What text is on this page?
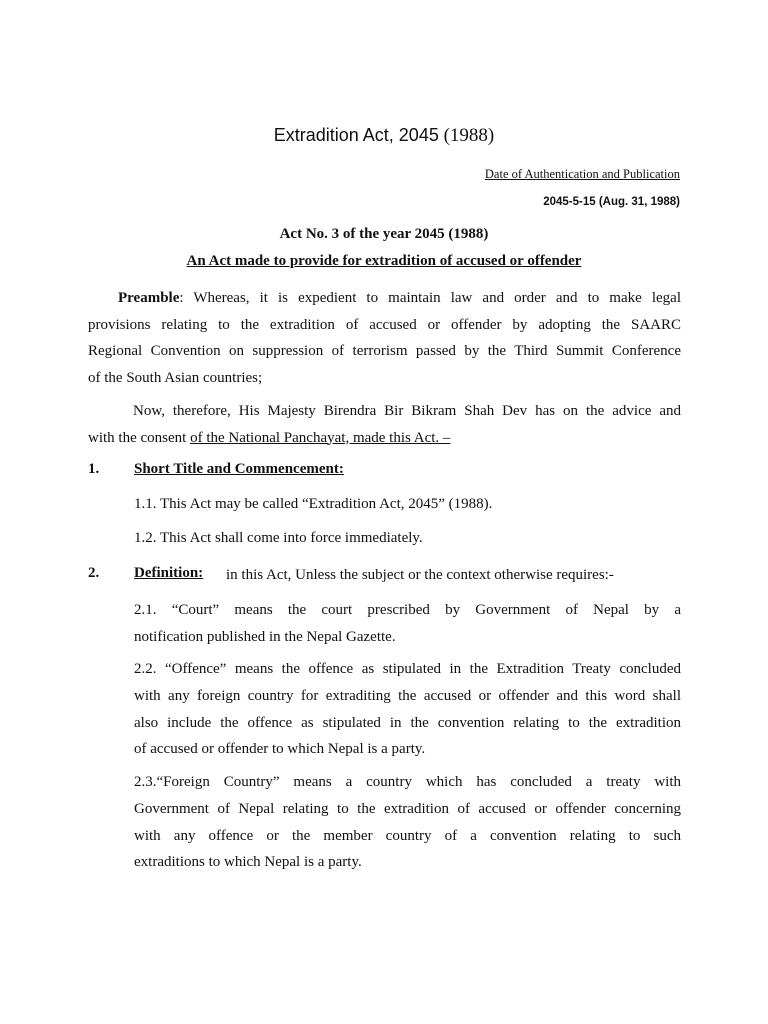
Extradition Act, 2045 (1988)
Date of Authentication and Publication
2045-5-15 (Aug. 31, 1988)
Act No. 3 of the year 2045 (1988)
An Act made to provide for extradition of accused or offender
Preamble: Whereas, it is expedient to maintain law and order and to make legal
provisions relating to the extradition of accused or offender by adopting the SAARC
Regional Convention on suppression of terrorism passed by the Third Summit Conference
of the South Asian countries;
Now, therefore, His Majesty Birendra Bir Bikram Shah Dev has on the advice and
with the consent of the National Panchayat, made this Act. –
1. Short Title and Commencement:
1.1. This Act may be called “Extradition Act, 2045” (1988).
1.2. This Act shall come into force immediately.
2. Definition: in this Act, Unless the subject or the context otherwise requires:-
2.1. “Court” means the court prescribed by Government of Nepal by a
notification published in the Nepal Gazette.
2.2. “Offence” means the offence as stipulated in the Extradition Treaty concluded
with any foreign country for extraditing the accused or offender and this word shall
also include the offence as stipulated in the convention relating to the extradition
of accused or offender to which Nepal is a party.
2.3.“Foreign Country” means a country which has concluded a treaty with
Government of Nepal relating to the extradition of accused or offender concerning
with any offence or the member country of a convention relating to such
extraditions to which Nepal is a party.
